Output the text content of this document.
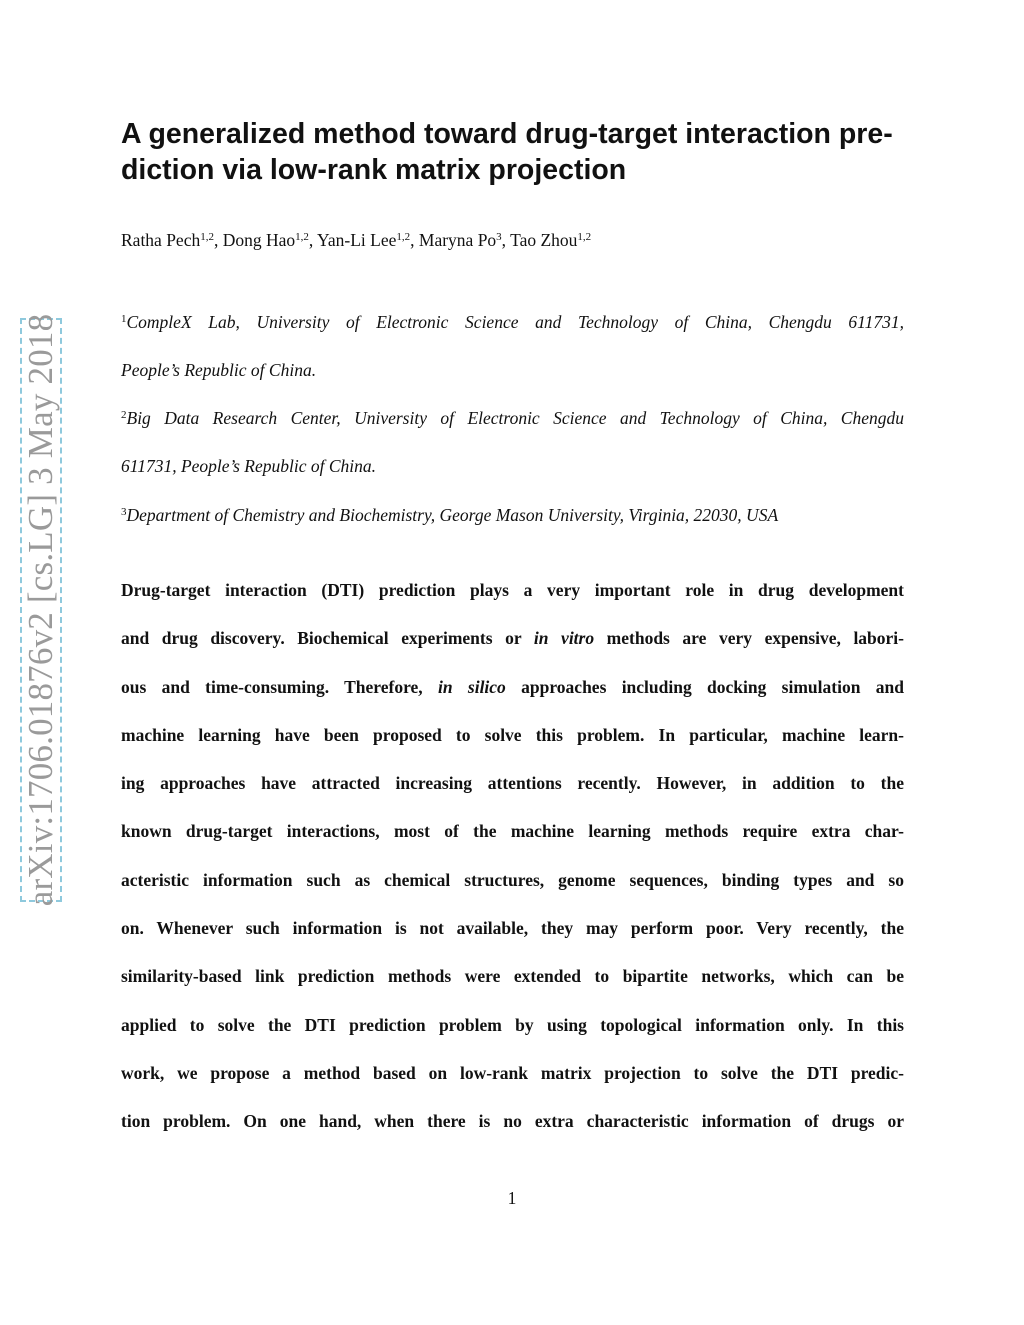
A generalized method toward drug-target interaction pre-
diction via low-rank matrix projection
Ratha Pech$^{1,2}$, Dong Hao$^{1,2}$, Yan-Li Lee$^{1,2}$, Maryna Po$^3$, Tao Zhou$^{1,2}$
$^1$CompleX Lab, University of Electronic Science and Technology of China, Chengdu 611731,
People’s Republic of China.
$^2$Big Data Research Center, University of Electronic Science and Technology of China, Chengdu
611731, People’s Republic of China.
$^3$Department of Chemistry and Biochemistry, George Mason University, Virginia, 22030, USA
Drug-target interaction (DTI) prediction plays a very important role in drug development
and drug discovery. Biochemical experiments or in vitro methods are very expensive, labori-
ous and time-consuming. Therefore, in silico approaches including docking simulation and
machine learning have been proposed to solve this problem. In particular, machine learn-
ing approaches have attracted increasing attentions recently. However, in addition to the
known drug-target interactions, most of the machine learning methods require extra char-
acteristic information such as chemical structures, genome sequences, binding types and so
on. Whenever such information is not available, they may perform poor. Very recently, the
similarity-based link prediction methods were extended to bipartite networks, which can be
applied to solve the DTI prediction problem by using topological information only. In this
work, we propose a method based on low-rank matrix projection to solve the DTI predic-
tion problem. On one hand, when there is no extra characteristic information of drugs or
1
arXiv:1706.01876v2 [cs.LG] 3 May 2018
